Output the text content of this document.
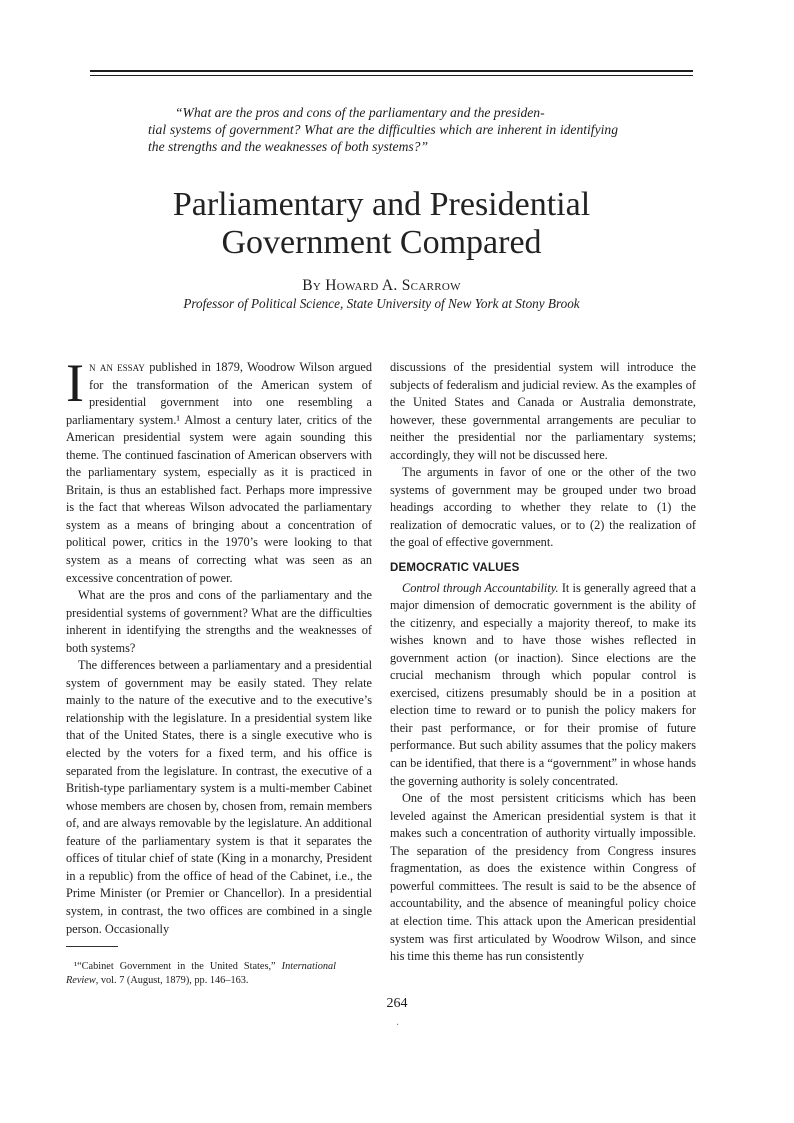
“What are the pros and cons of the parliamentary and the presiden-
tial systems of government? What are the difficulties which are inherent in identifying the strengths and the weaknesses of both systems?”

Parliamentary and Presidential
Government Compared

By Howard A. Scarrow

Professor of Political Science, State University of New York at Stony Brook

In an essay published in 1879, Woodrow Wilson argued for the transformation of the American system of presidential government into one resembling a parliamentary system.¹ Almost a century later, critics of the American presidential system were again sounding this theme. The continued fascination of American observers with the parliamentary system, especially as it is practiced in Britain, is thus an established fact. Perhaps more impressive is the fact that whereas Wilson advocated the parliamentary system as a means of bringing about a concentration of political power, critics in the 1970’s were looking to that system as a means of correcting what was seen as an excessive concentration of power.

What are the pros and cons of the parliamentary and the presidential systems of government? What are the difficulties inherent in identifying the strengths and the weaknesses of both systems?

The differences between a parliamentary and a presidential system of government may be easily stated. They relate mainly to the nature of the executive and to the executive’s relationship with the legislature. In a presidential system like that of the United States, there is a single executive who is elected by the voters for a fixed term, and his office is separated from the legislature. In contrast, the executive of a British-type parliamentary system is a multi-member Cabinet whose members are chosen by, chosen from, remain members of, and are always removable by the legislature. An additional feature of the parliamentary system is that it separates the offices of titular chief of state (King in a monarchy, President in a republic) from the office of head of the Cabinet, i.e., the Prime Minister (or Premier or Chancellor). In a presidential system, in contrast, the two offices are combined in a single person. Occasionally

discussions of the presidential system will introduce the subjects of federalism and judicial review. As the examples of the United States and Canada or Australia demonstrate, however, these governmental arrangements are peculiar to neither the presidential nor the parliamentary systems; accordingly, they will not be discussed here.

The arguments in favor of one or the other of the two systems of government may be grouped under two broad headings according to whether they relate to (1) the realization of democratic values, or to (2) the realization of the goal of effective government.

DEMOCRATIC VALUES

Control through Accountability. It is generally agreed that a major dimension of democratic government is the ability of the citizenry, and especially a majority thereof, to make its wishes known and to have those wishes reflected in government action (or inaction). Since elections are the crucial mechanism through which popular control is exercised, citizens presumably should be in a position at election time to reward or to punish the policy makers for their past performance, or for their promise of future performance. But such ability assumes that the policy makers can be identified, that there is a “government” in whose hands the governing authority is solely concentrated.

One of the most persistent criticisms which has been leveled against the American presidential system is that it makes such a concentration of authority virtually impossible. The separation of the presidency from Congress insures fragmentation, as does the existence within Congress of powerful committees. The result is said to be the absence of accountability, and the absence of meaningful policy choice at election time. This attack upon the American presidential system was first articulated by Woodrow Wilson, and since his time this theme has run consistently

¹“Cabinet Government in the United States,” International Review, vol. 7 (August, 1879), pp. 146–163.

264
·
